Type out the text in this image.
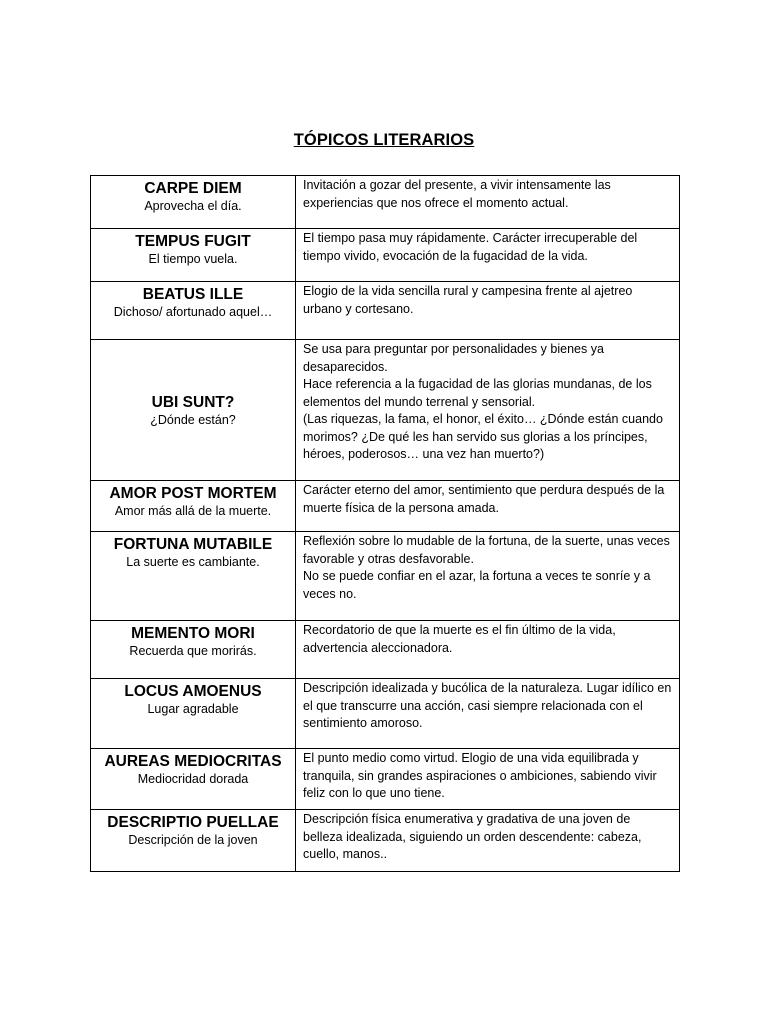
TÓPICOS LITERARIOS
CARPE DIEM
Aprovecha el día.	Invitación a gozar del presente, a vivir intensamente las experiencias que nos ofrece el momento actual.

TEMPUS FUGIT
El tiempo vuela.	El tiempo pasa muy rápidamente. Carácter irrecuperable del tiempo vivido, evocación de la fugacidad de la vida.

BEATUS ILLE
Dichoso/ afortunado aquel…	Elogio de la vida sencilla rural y campesina frente al ajetreo urbano y cortesano.

UBI SUNT?
¿Dónde están?	Se usa para preguntar por personalidades y bienes ya desaparecidos.
Hace referencia a la fugacidad de las glorias mundanas, de los elementos del mundo terrenal y sensorial.
(Las riquezas, la fama, el honor, el éxito… ¿Dónde están cuando morimos? ¿De qué les han servido sus glorias a los príncipes, héroes, poderosos… una vez han muerto?)

AMOR POST MORTEM
Amor más allá de la muerte.	Carácter eterno del amor, sentimiento que perdura después de la muerte física de la persona amada.

FORTUNA MUTABILE
La suerte es cambiante.	Reflexión sobre lo mudable de la fortuna, de la suerte, unas veces favorable y otras desfavorable.
No se puede confiar en el azar, la fortuna a veces te sonríe y a veces no.

MEMENTO MORI
Recuerda que morirás.	Recordatorio de que la muerte es el fin último de la vida, advertencia aleccionadora.

LOCUS AMOENUS
Lugar agradable	Descripción idealizada y bucólica de la naturaleza. Lugar idílico en el que transcurre una acción, casi siempre relacionada con el sentimiento amoroso.

AUREAS MEDIOCRITAS
Mediocridad dorada	El punto medio como virtud. Elogio de una vida equilibrada y tranquila, sin grandes aspiraciones o ambiciones, sabiendo vivir feliz con lo que uno tiene.

DESCRIPTIO PUELLAE
Descripción de la joven	Descripción física enumerativa y gradativa de una joven de belleza idealizada, siguiendo un orden descendente: cabeza, cuello, manos..
